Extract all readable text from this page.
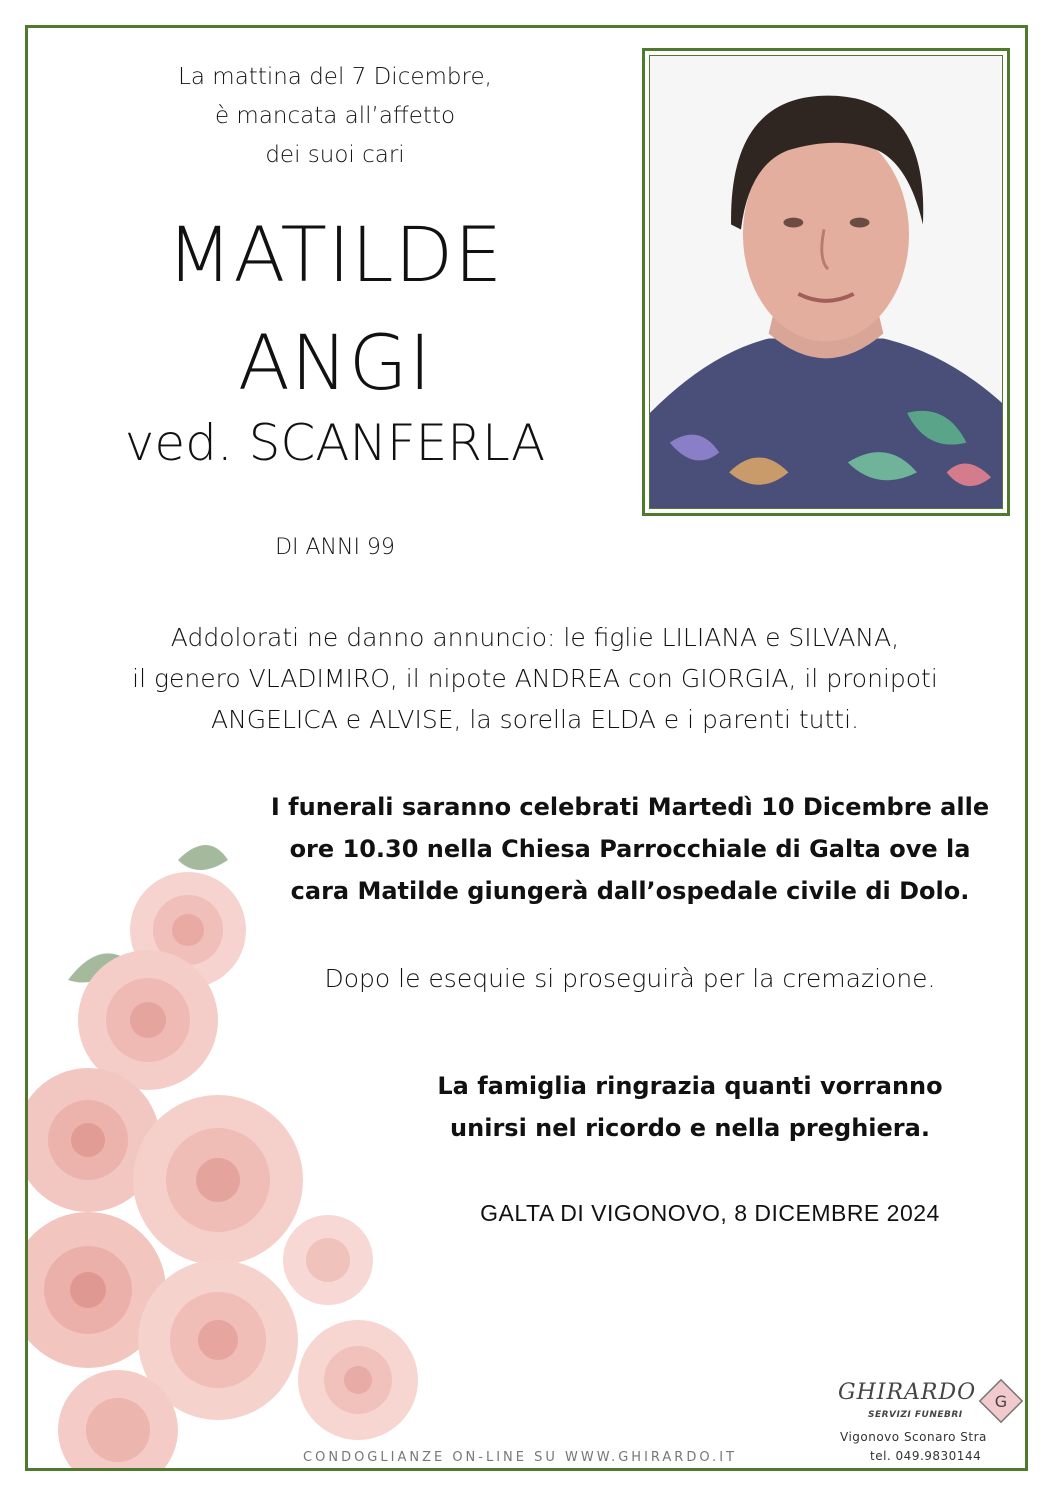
La mattina del 7 Dicembre,
è mancata all’affetto
dei suoi cari
MATILDE
ANGI
ved. SCANFERLA
DI ANNI 99
Addolorati ne danno annuncio: le figlie LILIANA e SILVANA,
il genero VLADIMIRO, il nipote ANDREA con GIORGIA, il pronipoti
ANGELICA e ALVISE, la sorella ELDA e i parenti tutti.
I funerali saranno celebrati Martedì 10 Dicembre alle
ore 10.30 nella Chiesa Parrocchiale di Galta ove la
cara Matilde giungerà dall’ospedale civile di Dolo.
Dopo le esequie si proseguirà per la cremazione.
La famiglia ringrazia quanti vorranno
unirsi nel ricordo e nella preghiera.
GALTA DI VIGONOVO, 8 DICEMBRE 2024
CONDOGLIANZE ON-LINE SU WWW.GHIRARDO.IT
GHIRARDO G
SERVIZI FUNEBRI
Vigonovo Sconaro Stra
tel. 049.9830144
